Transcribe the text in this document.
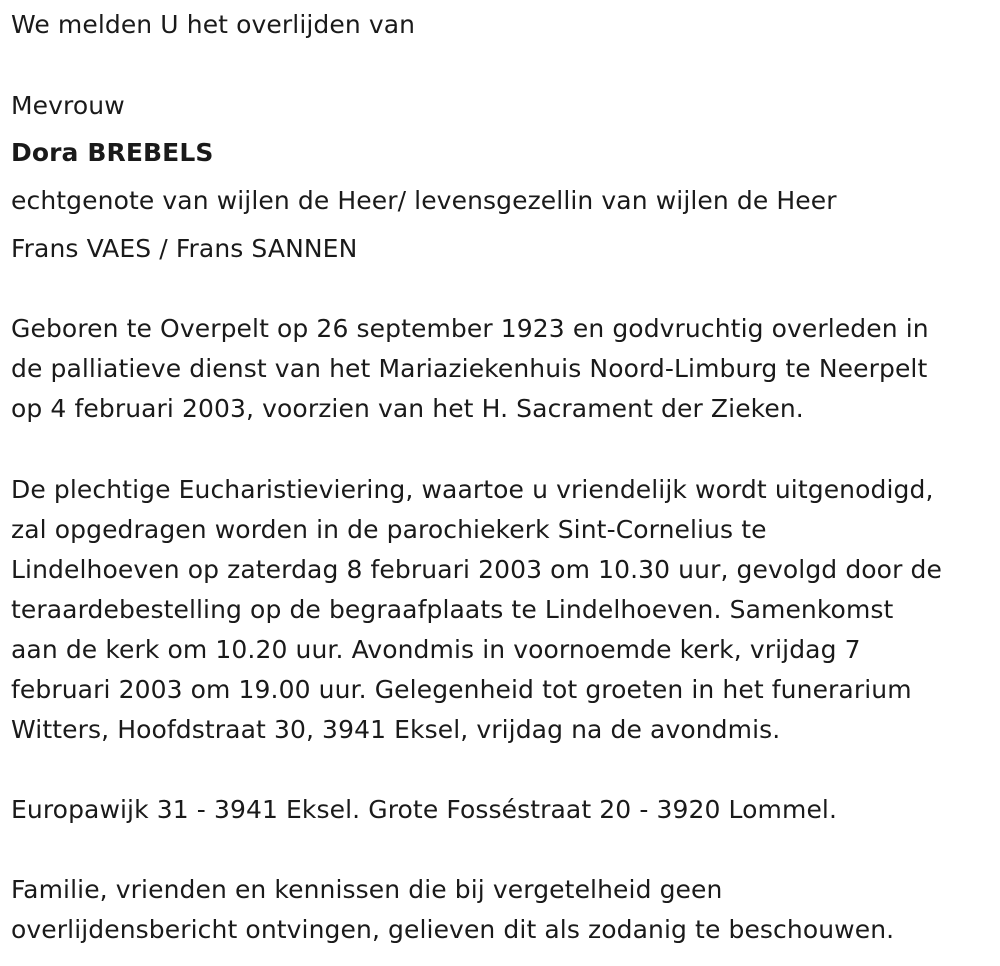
We melden U het overlijden van
Mevrouw
Dora BREBELS
echtgenote van wijlen de Heer/ levensgezellin van wijlen de Heer
Frans VAES / Frans SANNEN
Geboren te Overpelt op 26 september 1923 en godvruchtig overleden in
de palliatieve dienst van het Mariaziekenhuis Noord-Limburg te Neerpelt
op 4 februari 2003, voorzien van het H. Sacrament der Zieken.
De plechtige Eucharistieviering, waartoe u vriendelijk wordt uitgenodigd,
zal opgedragen worden in de parochiekerk Sint-Cornelius te
Lindelhoeven op zaterdag 8 februari 2003 om 10.30 uur, gevolgd door de
teraardebestelling op de begraafplaats te Lindelhoeven. Samenkomst
aan de kerk om 10.20 uur. Avondmis in voornoemde kerk, vrijdag 7
februari 2003 om 19.00 uur. Gelegenheid tot groeten in het funerarium
Witters, Hoofdstraat 30, 3941 Eksel, vrijdag na de avondmis.
Europawijk 31 - 3941 Eksel. Grote Fosséstraat 20 - 3920 Lommel.
Familie, vrienden en kennissen die bij vergetelheid geen
overlijdensbericht ontvingen, gelieven dit als zodanig te beschouwen.
